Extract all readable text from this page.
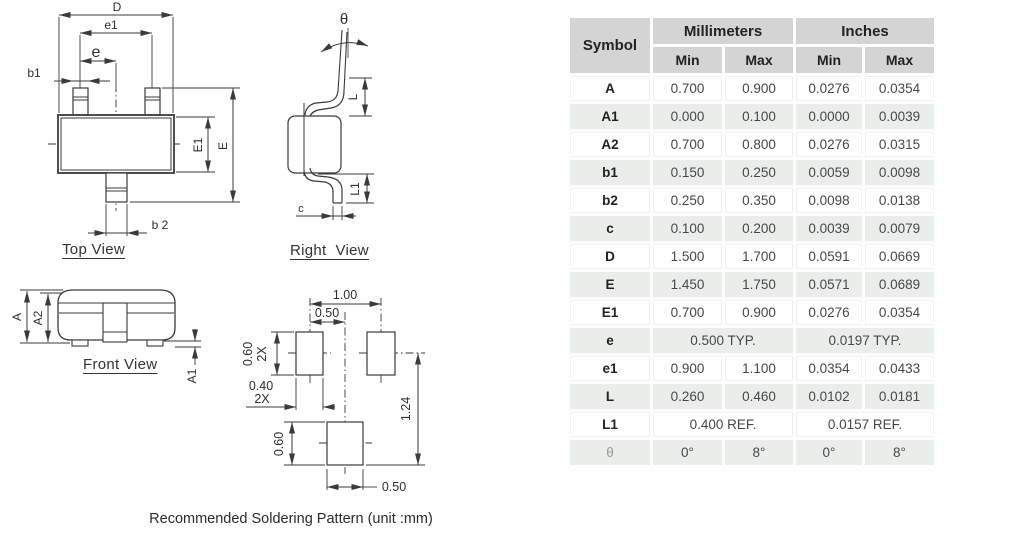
D
e1
e
b1
b 2
E1 E
θ
L
L1
c
A A2
A1
1.00
0.50
0.60 2X
0.40
2X	1.24
0.60
0.50
Top View	Right  View
Front View
Recommended Soldering Pattern (unit :mm)
Symbol	Millimeters		Inches	
	Min	Max	Min	Max
A	0.700	0.900	0.0276	0.0354
A1	0.000	0.100	0.0000	0.0039
A2	0.700	0.800	0.0276	0.0315
b1	0.150	0.250	0.0059	0.0098
b2	0.250	0.350	0.0098	0.0138
c	0.100	0.200	0.0039	0.0079
D	1.500	1.700	0.0591	0.0669
E	1.450	1.750	0.0571	0.0689
E1	0.700	0.900	0.0276	0.0354
e	0.500 TYP.		0.0197 TYP.	
e1	0.900	1.100	0.0354	0.0433
L	0.260	0.460	0.0102	0.0181
L1	0.400 REF.		0.0157 REF.	
θ	0°	8°	0°	8°
